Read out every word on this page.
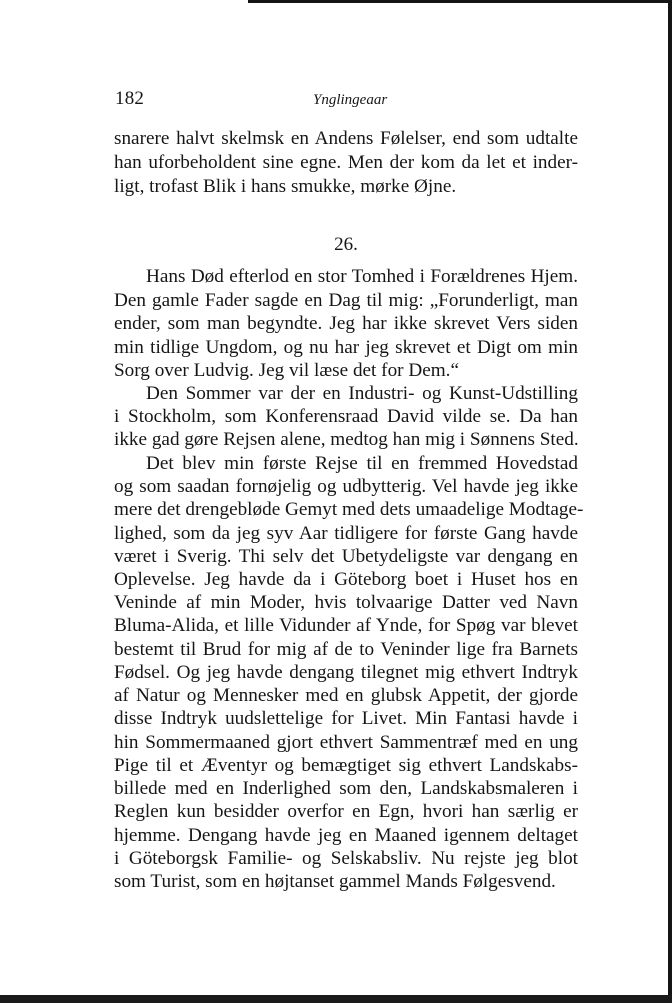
182	Ynglingeaar
snarere halvt skelmsk en Andens Følelser, end som udtalte
han uforbeholdent sine egne. Men der kom da let et inder-
ligt, trofast Blik i hans smukke, mørke Øjne.
26.
Hans Død efterlod en stor Tomhed i Forældrenes Hjem.
Den gamle Fader sagde en Dag til mig: „Forunderligt, man
ender, som man begyndte. Jeg har ikke skrevet Vers siden
min tidlige Ungdom, og nu har jeg skrevet et Digt om min
Sorg over Ludvig. Jeg vil læse det for Dem.“
Den Sommer var der en Industri- og Kunst-Udstilling
i Stockholm, som Konferensraad David vilde se. Da han
ikke gad gøre Rejsen alene, medtog han mig i Sønnens Sted.
Det blev min første Rejse til en fremmed Hovedstad
og som saadan fornøjelig og udbytterig. Vel havde jeg ikke
mere det drengebløde Gemyt med dets umaadelige Modtage-
lighed, som da jeg syv Aar tidligere for første Gang havde
været i Sverig. Thi selv det Ubetydeligste var dengang en
Oplevelse. Jeg havde da i Göteborg boet i Huset hos en
Veninde af min Moder, hvis tolvaarige Datter ved Navn
Bluma-Alida, et lille Vidunder af Ynde, for Spøg var blevet
bestemt til Brud for mig af de to Veninder lige fra Barnets
Fødsel. Og jeg havde dengang tilegnet mig ethvert Indtryk
af Natur og Mennesker med en glubsk Appetit, der gjorde
disse Indtryk uudslettelige for Livet. Min Fantasi havde i
hin Sommermaaned gjort ethvert Sammentræf med en ung
Pige til et Æventyr og bemægtiget sig ethvert Landskabs-
billede med en Inderlighed som den, Landskabsmaleren i
Reglen kun besidder overfor en Egn, hvori han særlig er
hjemme. Dengang havde jeg en Maaned igennem deltaget
i Göteborgsk Familie- og Selskabsliv. Nu rejste jeg blot
som Turist, som en højtanset gammel Mands Følgesvend.
